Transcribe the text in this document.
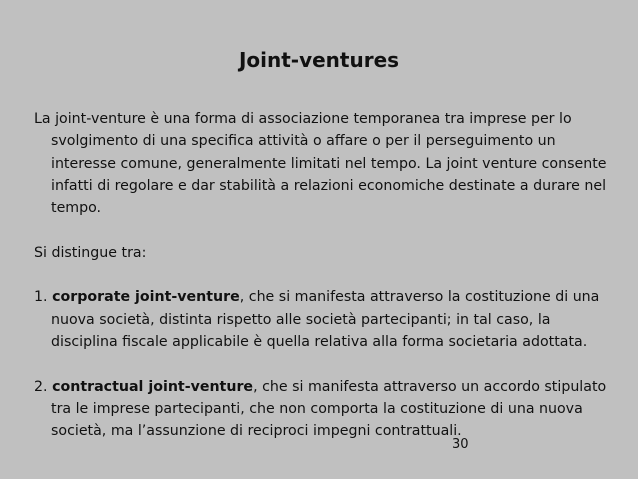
Joint-ventures

La joint-venture è una forma di associazione temporanea tra imprese per lo svolgimento di una specifica attività o affare o per il perseguimento un interesse comune, generalmente limitati nel tempo. La joint venture consente infatti di regolare e dar stabilità a relazioni economiche destinate a durare nel tempo.

Si distingue tra:

1. corporate joint-venture, che si manifesta attraverso la costituzione di una nuova società, distinta rispetto alle società partecipanti; in tal caso, la disciplina fiscale applicabile è quella relativa alla forma societaria adottata.

2. contractual joint-venture, che si manifesta attraverso un accordo stipulato tra le imprese partecipanti, che non comporta la costituzione di una nuova società, ma l’assunzione di reciproci impegni contrattuali.

30
